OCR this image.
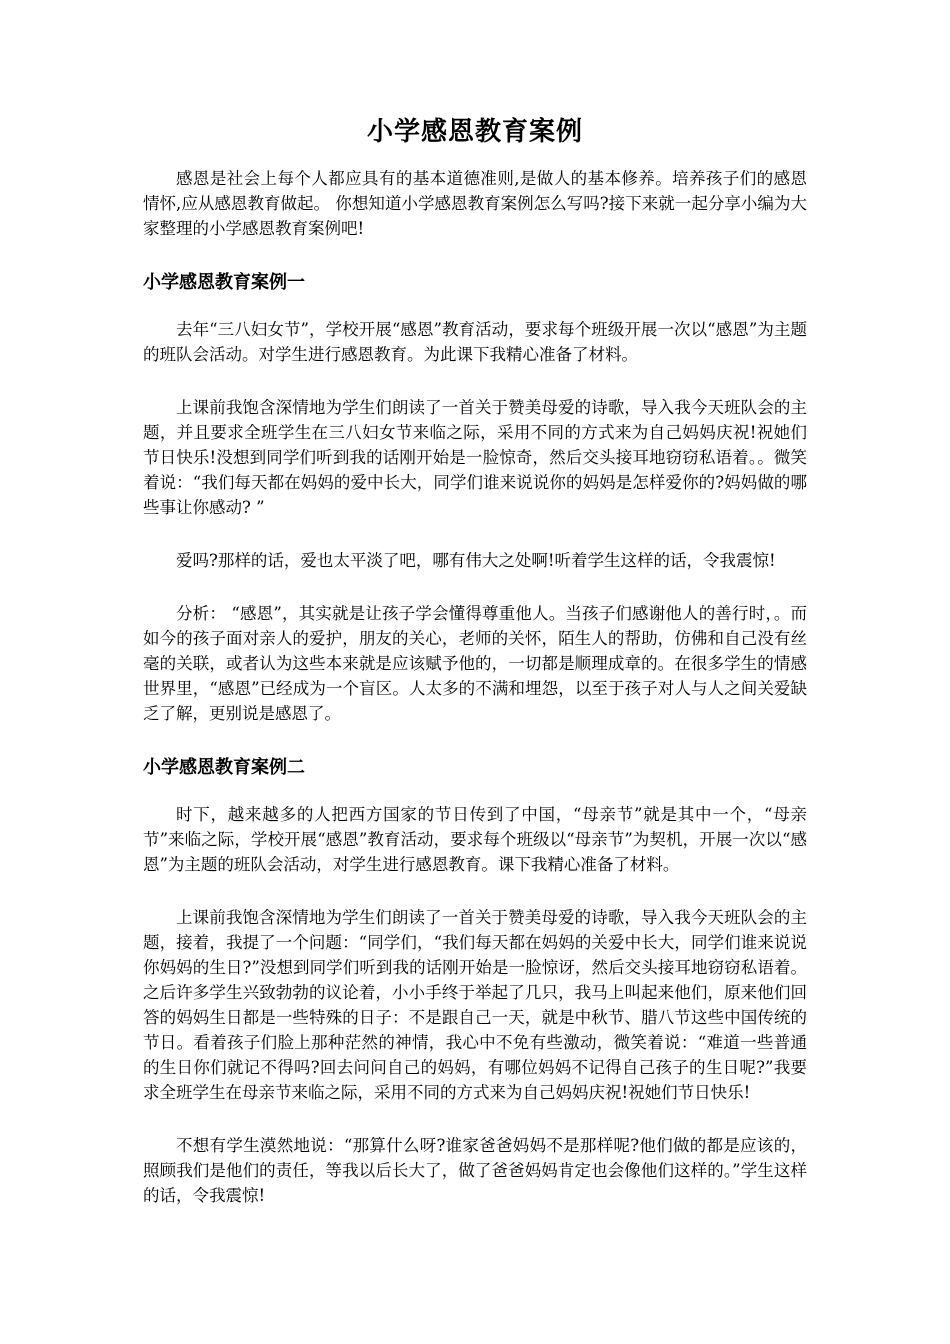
小学感恩教育案例

感恩是社会上每个人都应具有的基本道德准则,是做人的基本修养。培养孩子们的感恩情怀,应从感恩教育做起。 你想知道小学感恩教育案例怎么写吗?接下来就一起分享小编为大家整理的小学感恩教育案例吧!

小学感恩教育案例一

去年“三八妇女节”，学校开展“感恩”教育活动，要求每个班级开展一次以“感恩”为主题的班队会活动。对学生进行感恩教育。为此课下我精心准备了材料。

上课前我饱含深情地为学生们朗读了一首关于赞美母爱的诗歌，导入我今天班队会的主题，并且要求全班学生在三八妇女节来临之际，采用不同的方式来为自己妈妈庆祝!祝她们节日快乐!没想到同学们听到我的话刚开始是一脸惊奇，然后交头接耳地窃窃私语着。。微笑着说：“我们每天都在妈妈的爱中长大，同学们谁来说说你的妈妈是怎样爱你的?妈妈做的哪些事让你感动? ”

爱吗?那样的话，爱也太平淡了吧，哪有伟大之处啊!听着学生这样的话，令我震惊!

分析： “感恩”，其实就是让孩子学会懂得尊重他人。当孩子们感谢他人的善行时，。而如今的孩子面对亲人的爱护，朋友的关心，老师的关怀，陌生人的帮助，仿佛和自己没有丝毫的关联，或者认为这些本来就是应该赋予他的，一切都是顺理成章的。在很多学生的情感世界里，“感恩”已经成为一个盲区。人太多的不满和埋怨，以至于孩子对人与人之间关爱缺乏了解，更别说是感恩了。

小学感恩教育案例二

时下，越来越多的人把西方国家的节日传到了中国，“母亲节”就是其中一个，“母亲节”来临之际，学校开展“感恩”教育活动，要求每个班级以“母亲节”为契机，开展一次以“感恩”为主题的班队会活动，对学生进行感恩教育。课下我精心准备了材料。

上课前我饱含深情地为学生们朗读了一首关于赞美母爱的诗歌，导入我今天班队会的主题，接着，我提了一个问题：“同学们，“我们每天都在妈妈的关爱中长大，同学们谁来说说你妈妈的生日?”没想到同学们听到我的话刚开始是一脸惊讶，然后交头接耳地窃窃私语着。之后许多学生兴致勃勃的议论着，小小手终于举起了几只，我马上叫起来他们，原来他们回答的妈妈生日都是一些特殊的日子：不是跟自己一天，就是中秋节、腊八节这些中国传统的节日。看着孩子们脸上那种茫然的神情，我心中不免有些激动，微笑着说：“难道一些普通的生日你们就记不得吗?回去问问自己的妈妈，有哪位妈妈不记得自己孩子的生日呢?”我要求全班学生在母亲节来临之际，采用不同的方式来为自己妈妈庆祝!祝她们节日快乐!

不想有学生漠然地说：“那算什么呀?谁家爸爸妈妈不是那样呢?他们做的都是应该的，照顾我们是他们的责任，等我以后长大了，做了爸爸妈妈肯定也会像他们这样的。”学生这样的话，令我震惊!
